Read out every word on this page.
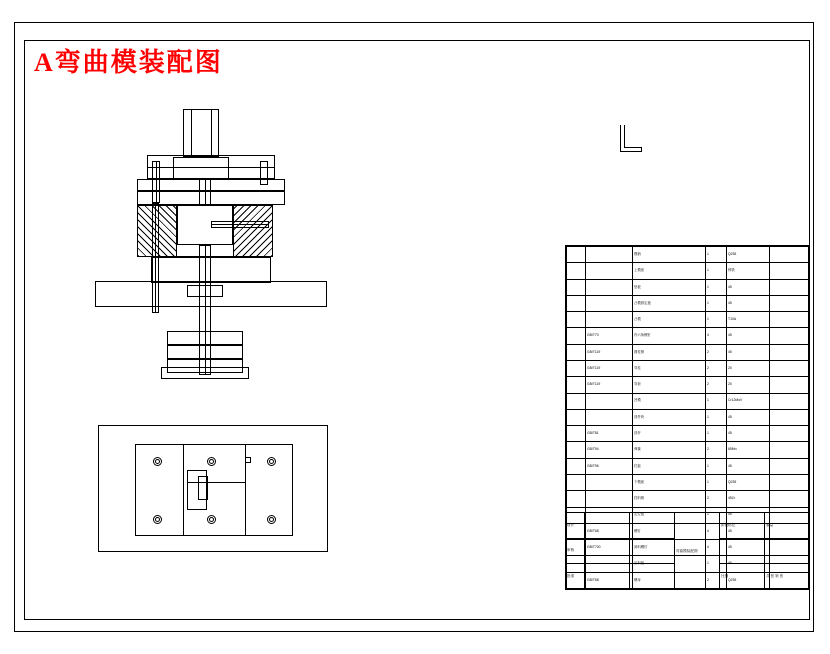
A弯曲模装配图
		模柄	1	Q235	
		上模座	1	铸铁	
		垫板	1	45	
		凸模固定板	1	45	
		凸模	1	T10A	
	GB/T70	内六角螺钉	4	45	
	GB/T119	圆柱销	2	45	
	GB/T119	导柱	2	20	
	GB/T119	导套	2	20	
		凹模	1	Cr12MoV	
		顶件块	1	45	
	GB/T81	顶杆	1	45	
	GB/T94	弹簧	2	65Mn	
	GB/T96	托板	1	45	
		下模座	1	Q235	
		挡料销	2	45Cr	
		定位板	1	45	
	GB/T68	螺钉	4	45	
	GB/T700	卸料螺钉	4	45	
		压料板	1	45	
	GB/T68	螺母	2	Q235	
设计			弯曲模装配图	阶段标记	重量
审核					
批准				比例	共 张 第 张
